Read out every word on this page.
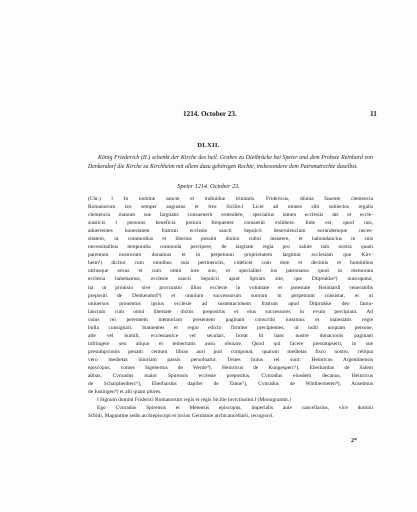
1214. October 23.	11
DLXII.
König Friederich (II.) schenkt der Kirche des heil. Grabes zu Dietbrücke bei Speier und dem Probste Reinhard von Denkendorf die Kirche zu Kirchheim mit allem dazu gehörigen Rechte, insbesondere dem Patronatrechte daselbst.
Speier 1214. October 23.
(Chr.) ‖ In nomine sancte et indiuidue trinitatis. Fridericus, diuina fauente clemencia
Romanorum rex semper augustus et ‖rex Sicilie.‖ Licet ad omnes sibi subiectos regalis
clemencia manum sue largitatis consueuerit extendere, specialius tamen ecclesiis dei et eccle-
siasticis ‖ personis beneficia potiora frequenter consueuit exhibere. Inde est, quod nos,
aduertentes honestatem fratrum ecclesie sancti Sepulcri deseruiencium eorundemque neces-
sitatem, ut commodius et liberius possint diuino cultui insistere, et habundancius in suis
necessitatibus temporalia commoda percipere, de largitate regia pro salute tam nostra quam
parentum nostrorum donamus et in perpetuum proprietatem largimur ecclesiam que Kirc-
heim¹) dicitur cum omnibus suis pertinenciis, videlicet cum dote et decimis et hominibus
utriusque sexus et cum omni iure suo, et specialiter ius patronatus quod in memorata
ecclesia habebamus, ecclesie sancti Sepulcri apud Spiram site, que Ditprukke²) nuncupatur,
ita ut prouisio sive procuratio illius ecclesie in voluntate et potestate Reinhardi venerabilis
prepositi de Denkendorf³) et omnium successorum suorum in perpetuum consistat, et ut
uniuersos prouentus ipsius ecclesie ad sustentacionem fratrum apud Ditprukke deo famu-
lancium cum omni libertate dictus prepositus et eius successores in evum percipiant. Ad
cuius rei perennem memoriam presentem paginam conscribi iussimus et maiestatis regie
bulla consignari. Statuentes et regio edicto firmiter precipientes, ut nulli unquam persone,
alte vel humili, ecclesiastice vel seculari, liceat ‖it hanc nostre donacionis paginam
infringere seu aliquo ei temeritatis ausu obuiare. Quod qui facere presumpserit, in sue
presumpcionis penam centum libras auri puri componat, quarum medietas fisco nostro, reliqua
vero medietas iniuriam passis persoluatur. Testes huius rei sunt: Heinricus Argentinensis
episcopus, comes Sigebertus de Werde⁴), Heinricus de Kungesperc⁵), Eberhardus de Salem
abbas, Cvnradus maior Spirensis ecclesie prepositus, Cvnradus eiusdem decanus, Heinricus
de Scharphenberc⁶), Eberhardus dapifer de Tanne⁷), Cvnradus de Winthersteten⁸), Anselmus
de Iustingen⁹) et alii quam plures.
‖ Signum domini Friderici Romanorum regis et regis Sicilie invictissimi.‖ (Monogramm.)
Ego Cvnradus Spirensis et Metensis episcopus, imperialis aule cancellarius, vice domini
Sifridi, Maguntine sedis archiepiscopi et tocius Germanie archicancellarii, recognovi.
2*
